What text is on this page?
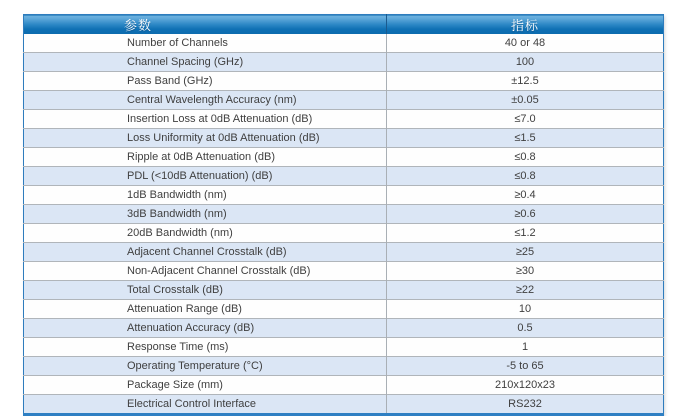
参数	指标
Number of Channels	40 or 48
Channel Spacing (GHz)	100
Pass Band (GHz)	±12.5
Central Wavelength Accuracy (nm)	±0.05
Insertion Loss at 0dB Attenuation (dB)	≤7.0
Loss Uniformity at 0dB Attenuation (dB)	≤1.5
Ripple at 0dB Attenuation (dB)	≤0.8
PDL (<10dB Attenuation) (dB)	≤0.8
1dB Bandwidth (nm)	≥0.4
3dB Bandwidth (nm)	≥0.6
20dB Bandwidth (nm)	≤1.2
Adjacent Channel Crosstalk (dB)	≥25
Non-Adjacent Channel Crosstalk (dB)	≥30
Total Crosstalk (dB)	≥22
Attenuation Range (dB)	10
Attenuation Accuracy (dB)	0.5
Response Time (ms)	1
Operating Temperature (°C)	-5 to 65
Package Size (mm)	210x120x23
Electrical Control Interface	RS232
